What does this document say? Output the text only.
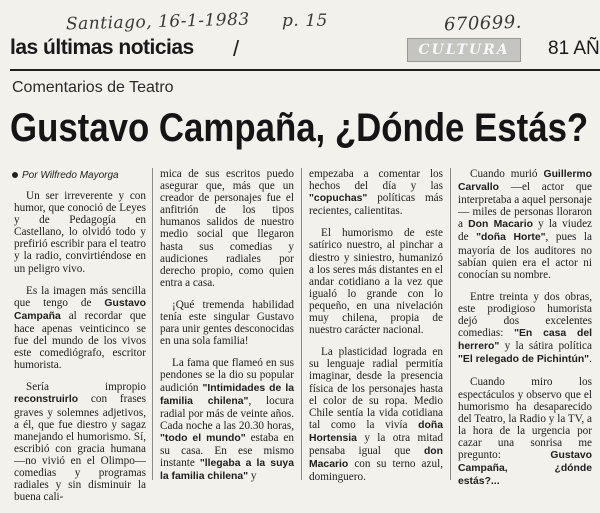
Santiago, 16-1-1983 p. 15	670699.
las últimas noticias /	CULTURA	81 AÑ
Comentarios de Teatro
Gustavo Campaña, ¿Dónde Estás?
Por Wilfredo Mayorga

Un ser irreverente y con humor, que conoció de Leyes y de Pedagogía en Castellano, lo olvidó todo y prefirió escribir para el teatro y la radio, convirtiéndose en un peligro vivo.

Es la imagen más sencilla que tengo de Gustavo Campaña al recordar que hace apenas veinticinco se fue del mundo de los vivos este comediógrafo, escritor humorista.

Sería impropio reconstruirlo con frases graves y solemnes adjetivos, a él, que fue diestro y sagaz manejando el humorismo. Sí, escribió con gracia humana —no vivió en el Olimpo— comedias y programas radiales y sin disminuir la buena cali-

mica de sus escritos puedo asegurar que, más que un creador de personajes fue el anfitrión de los tipos humanos salidos de nuestro medio social que llegaron hasta sus comedias y audiciones radiales por derecho propio, como quien entra a casa.

¡Qué tremenda habilidad tenía este singular Gustavo para unir gentes desconocidas en una sola familia!

La fama que flameó en sus pendones se la dio su popular audición "Intimidades de la familia chilena", locura radial por más de veinte años. Cada noche a las 20.30 horas, "todo el mundo" estaba en su casa. En ese mismo instante "llegaba a la suya la familia chilena" y

empezaba a comentar los hechos del día y las "copuchas" políticas más recientes, calientitas.

El humorismo de este satírico nuestro, al pinchar a diestro y siniestro, humanizó a los seres más distantes en el andar cotidiano a la vez que igualó lo grande con lo pequeño, en una nivelación muy chilena, propia de nuestro carácter nacional.

La plasticidad lograda en su lenguaje radial permitía imaginar, desde la presencia física de los personajes hasta el color de su ropa. Medio Chile sentía la vida cotidiana tal como la vivía doña Hortensia y la otra mitad pensaba igual que don Macario con su terno azul, dominguero.

Cuando murió Guillermo Carvallo —el actor que interpretaba a aquel personaje— miles de personas lloraron a Don Macario y la viudez de "doña Horte", pues la mayoría de los auditores no sabían quien era el actor ni conocían su nombre.

Entre treinta y dos obras, este prodigioso humorista dejó dos excelentes comedias: "En casa del herrero" y la sátira política "El relegado de Pichintún".

Cuando miro los espectáculos y observo que el humorismo ha desaparecido del Teatro, la Radio y la TV, a la hora de la urgencia por cazar una sonrisa me pregunto: Gustavo Campaña, ¿dónde estás?...
